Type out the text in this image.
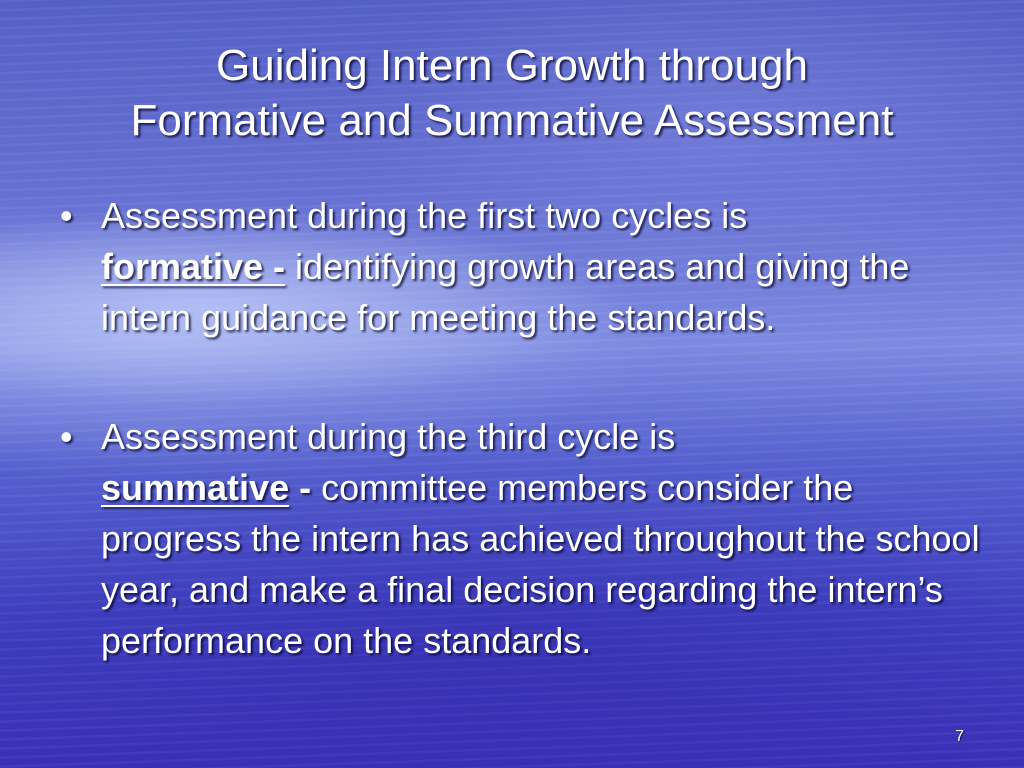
Guiding Intern Growth through
Formative and Summative Assessment
• Assessment during the first two cycles is
formative - identifying growth areas and giving the intern guidance for meeting the standards.
• Assessment during the third cycle is
summative - committee members consider the progress the intern has achieved throughout the school year, and make a final decision regarding the intern’s performance on the standards.
7
